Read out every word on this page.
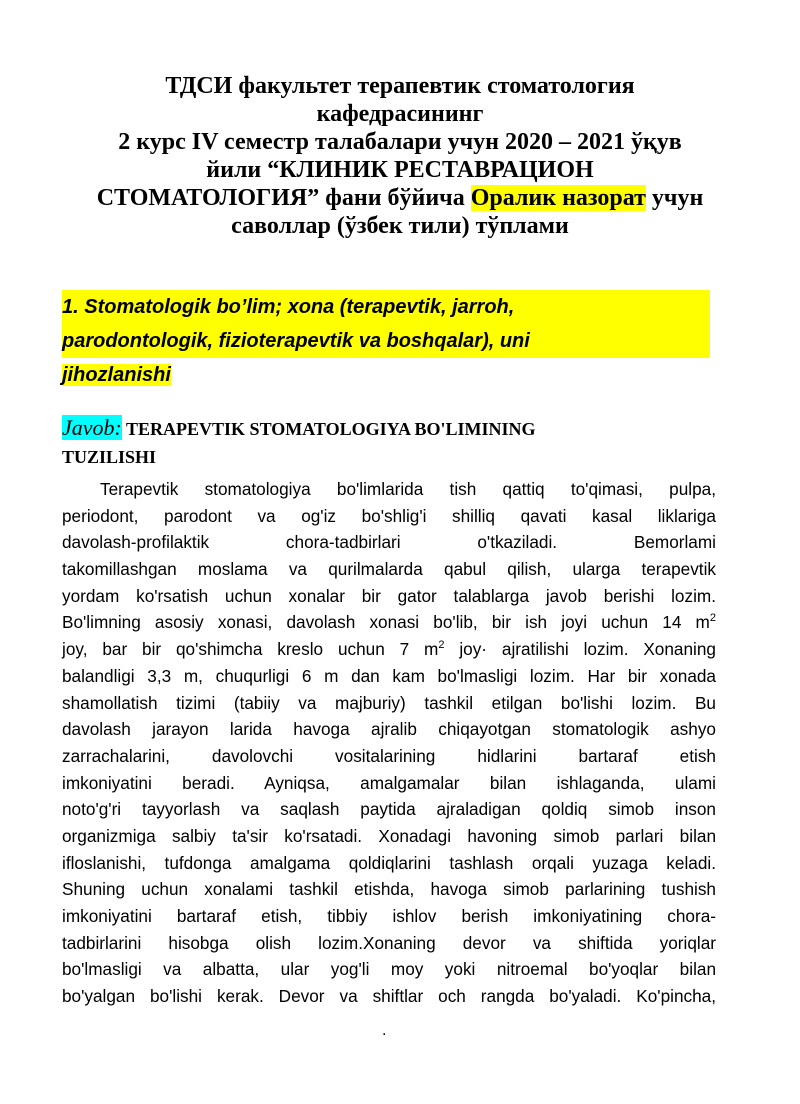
ТДСИ факультет терапевтик стоматология
кафедрасининг
2 курс IV семестр талабалари учун 2020 – 2021 ўқув
йили “КЛИНИК РЕСТАВРАЦИОН
СТОМАТОЛОГИЯ” фани бўйича Оралик назорат учун
саволлар (ўзбек тили) тўплами
1. Stomatologik bo’lim; xona (terapevtik, jarroh,
parodontologik, fizioterapevtik va boshqalar), uni
jihozlanishi
Javob: TERAPEVTIK STOMATOLOGIYA BO'LIMINING
TUZILISHI
Terapevtik stomatologiya bo'limlarida tish qattiq to'qimasi, pulpa,
periodont, parodont va og'iz bo'shlig'i shilliq qavati kasal liklariga
davolash-profilaktik chora-tadbirlari o'tkaziladi. Bemorlami
takomillashgan moslama va qurilmalarda qabul qilish, ularga terapevtik
yordam ko'rsatish uchun xonalar bir gator talablarga javob berishi lozim.
Bo'limning asosiy xonasi, davolash xonasi bo'lib, bir ish joyi uchun 14 $m^2$
joy, bar bir qo'shimcha kreslo uchun 7 $m^2$ joy· ajratilishi lozim. Xonaning
balandligi 3,3 m, chuqurligi 6 m dan kam bo'lmasligi lozim. Har bir xonada
shamollatish tizimi (tabiiy va majburiy) tashkil etilgan bo'lishi lozim. Bu
davolash jarayon larida havoga ajralib chiqayotgan stomatologik ashyo
zarrachalarini, davolovchi vositalarining hidlarini bartaraf etish
imkoniyatini beradi. Ayniqsa, amalgamalar bilan ishlaganda, ulami
noto'g'ri tayyorlash va saqlash paytida ajraladigan qoldiq simob inson
organizmiga salbiy ta'sir ko'rsatadi. Xonadagi havoning simob parlari bilan
ifloslanishi, tufdonga amalgama qoldiqlarini tashlash orqali yuzaga keladi.
Shuning uchun xonalami tashkil etishda, havoga simob parlarining tushish
imkoniyatini bartaraf etish, tibbiy ishlov berish imkoniyatining chora-
tadbirlarini hisobga olish lozim.Xonaning devor va shiftida yoriqlar
bo'lmasligi va albatta, ular yog'li moy yoki nitroemal bo'yoqlar bilan
bo'yalgan bo'lishi kerak. Devor va shiftlar och rangda bo'yaladi. Ko'pincha,
.
